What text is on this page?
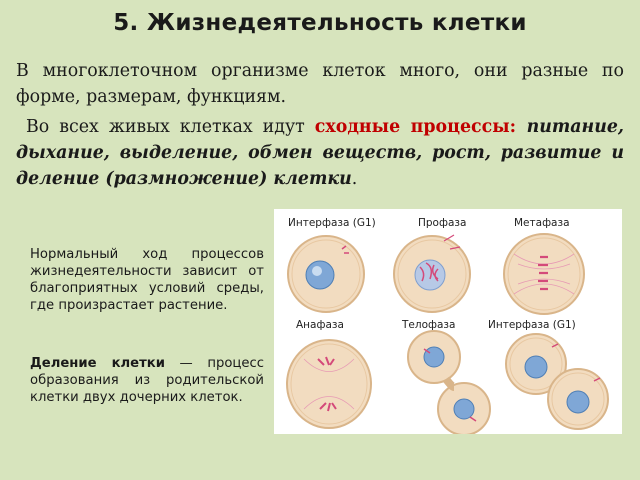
5. Жизнедеятельность клетки
В многоклеточном организме клеток много, они разные по форме, размерам, функциям.
Во всех живых клетках идут сходные процессы: питание, дыхание, выделение, обмен веществ, рост, развитие и деление (размножение) клетки.
Нормальный ход процессов жизнедеятельности зависит от благоприятных условий среды, где произрастает растение.
Деление клетки — процесс образования из родительской клетки двух дочерних клеток.
Интерфаза (G1)	Профаза	Метафаза
Анафаза	Телофаза	Интерфаза (G1)
